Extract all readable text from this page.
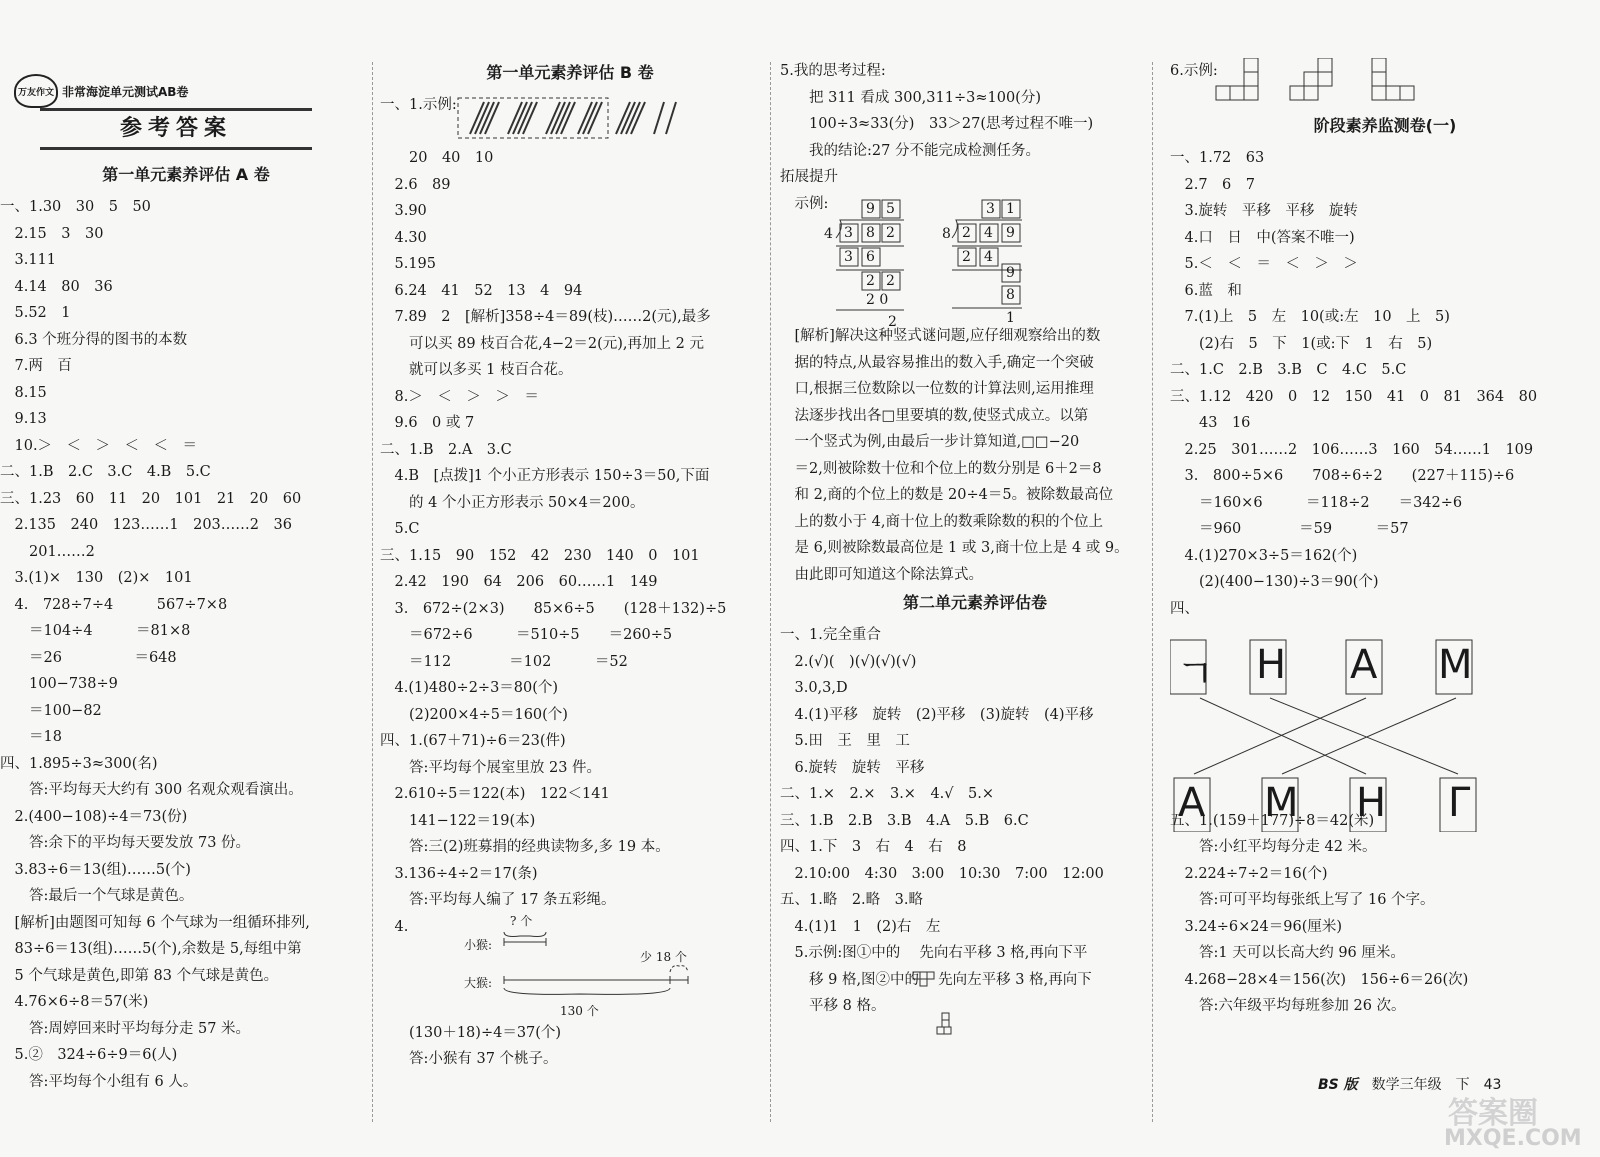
万友作文 非常海淀单元测试AB卷
参考答案
第一单元素养评估 A 卷
一、1.30　30　5　50
　2.15　3　30
　3.111
　4.14　80　36
　5.52　1
　6.3 个班分得的图书的本数
　7.两　百
　8.15
　9.13
　10.＞　＜　＞　＜　＜　＝
二、1.B　2.C　3.C　4.B　5.C
三、1.23　60　11　20　101　21　20　60
　2.135　240　123……1　203……2　36
　　201……2
　3.(1)×　130　(2)×　101
　4.　728÷7÷4　　　567÷7×8
　　＝104÷4　　　＝81×8
　　＝26　　　　　＝648
　　100−738÷9
　　＝100−82
　　＝18
四、1.895÷3≈300(名)
　　答:平均每天大约有 300 名观众观看演出。
　2.(400−108)÷4＝73(份)
　　答:余下的平均每天要发放 73 份。
　3.83÷6＝13(组)……5(个)
　　答:最后一个气球是黄色。
　[解析]由题图可知每 6 个气球为一组循环排列,
　83÷6＝13(组)……5(个),余数是 5,每组中第
　5 个气球是黄色,即第 83 个气球是黄色。
　4.76×6÷8＝57(米)
　　答:周婷回来时平均每分走 57 米。
　5.②　324÷6÷9＝6(人)
　　答:平均每个小组有 6 人。
第一单元素养评估 B 卷
一、1.示例:
　　20　40　10
　2.6　89
　3.90
　4.30
　5.195
　6.24　41　52　13　4　94
　7.89　2　[解析]358÷4＝89(枝)……2(元),最多
　　可以买 89 枝百合花,4−2＝2(元),再加上 2 元
　　就可以多买 1 枝百合花。
　8.＞　＜　＞　＞　＝
　9.6　0 或 7
二、1.B　2.A　3.C
　4.B　[点拨]1 个小正方形表示 150÷3＝50,下面
　　的 4 个小正方形表示 50×4＝200。
　5.C
三、1.15　90　152　42　230　140　0　101
　2.42　190　64　206　60……1　149
　3.　672÷(2×3)　　85×6÷5　　(128＋132)÷5
　　＝672÷6　　　＝510÷5　　＝260÷5
　　＝112　　　　＝102　　　＝52
　4.(1)480÷2÷3＝80(个)
　　(2)200×4÷5＝160(个)
四、1.(67＋71)÷6＝23(件)
　　答:平均每个展室里放 23 件。
　2.610÷5＝122(本)　122＜141
　　141−122＝19(本)
　　答:三(2)班募捐的经典读物多,多 19 本。
　3.136÷4÷2＝17(条)
　　答:平均每人编了 17 条五彩绳。
　4.
　　(130＋18)÷4＝37(个)
　　答:小猴有 37 个桃子。
5.我的思考过程:
　　把 311 看成 300,311÷3≈100(分)
　　100÷3≈33(分)　33＞27(思考过程不唯一)
　　我的结论:27 分不能完成检测任务。
拓展提升
　示例:
　[解析]解决这种竖式谜问题,应仔细观察给出的数
　据的特点,从最容易推出的数入手,确定一个突破
　口,根据三位数除以一位数的计算法则,运用推理
　法逐步找出各□里要填的数,使竖式成立。以第
　一个竖式为例,由最后一步计算知道,□□−20
　＝2,则被除数十位和个位上的数分别是 6＋2＝8
　和 2,商的个位上的数是 20÷4＝5。被除数最高位
　上的数小于 4,商十位上的数乘除数的积的个位上
　是 6,则被除数最高位是 1 或 3,商十位上是 4 或 9。
　由此即可知道这个除法算式。
第二单元素养评估卷
一、1.完全重合
　2.(√)(　)(√)(√)(√)
　3.0,3,D
　4.(1)平移　旋转　(2)平移　(3)旋转　(4)平移
　5.田　王　里　工
　6.旋转　旋转　平移
二、1.×　2.×　3.×　4.√　5.×
三、1.B　2.B　3.B　4.A　5.B　6.C
四、1.下　3　右　4　右　8
　2.10:00　4:30　3:00　10:30　7:00　12:00
五、1.略　2.略　3.略
　4.(1)1　1　(2)右　左
　5.示例:图①中的　 先向右平移 3 格,再向下平
　　移 9 格,图②中的　 先向左平移 3 格,再向下
　　平移 8 格。
6.示例:
阶段素养监测卷(一)
一、1.72　63
　2.7　6　7
　3.旋转　平移　平移　旋转
　4.口　日　中(答案不唯一)
　5.＜　＜　＝　＜　＞　＞
　6.蓝　和
　7.(1)上　5　左　10(或:左　10　上　5)
　　(2)右　5　下　1(或:下　1　右　5)
二、1.C　2.B　3.B　C　4.C　5.C
三、1.12　420　0　12　150　41　0　81　364　80
　　43　16
　2.25　301……2　106……3　160　54……1　109
　3.　800÷5×6　　708÷6÷2　　(227＋115)÷6
　　＝160×6　　　＝118÷2　　＝342÷6
　　＝960　　　　＝59　　　＝57
　4.(1)270×3÷5＝162(个)
　　(2)(400−130)÷3＝90(个)
四、
五、1.(159＋177)÷8＝42(米)
　　答:小红平均每分走 42 米。
　2.224÷7÷2＝16(个)
　　答:可可平均每张纸上写了 16 个字。
　3.24÷6×24＝96(厘米)
　　答:1 天可以长高大约 96 厘米。
　4.268−28×4＝156(次)　156÷6＝26(次)
　　答:六年级平均每班参加 26 次。
? 个
小猴:
少 18 个
大猴:
130 个
4
9 5
3 8 2
3 6
2 2
2 0
2
8
3 1
2 4 9
2 4
9
8
1
ㄱ H A M
A M H Γ
BS 版　 数学三年级　下　43
答案圈
MXQE.COM
